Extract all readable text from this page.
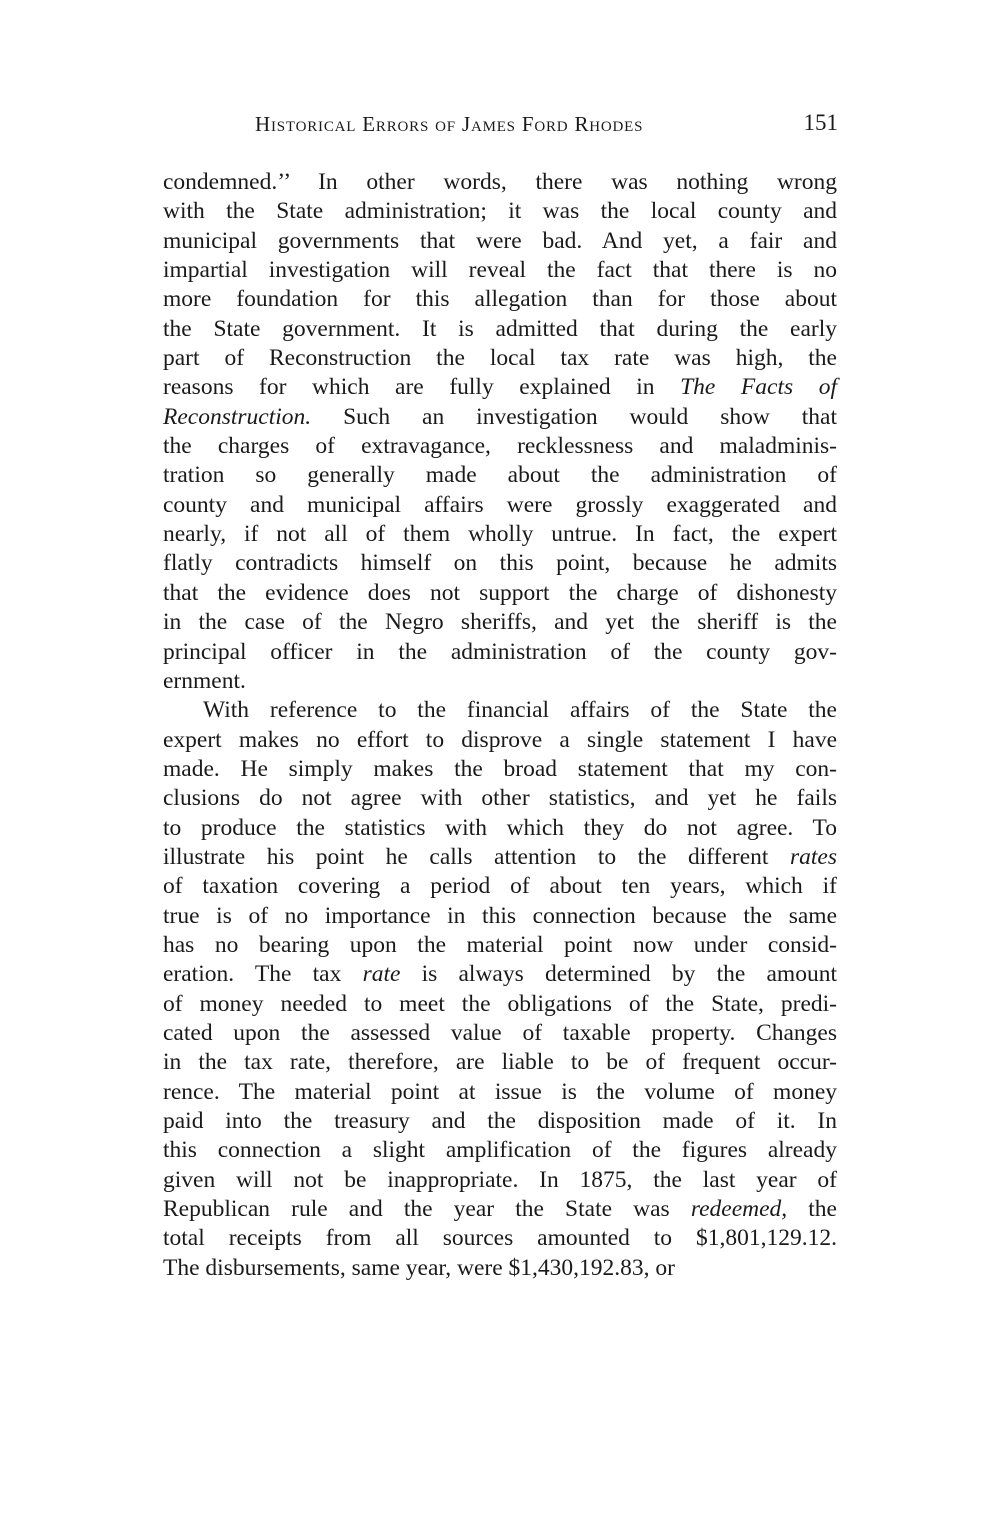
Historical Errors of James Ford Rhodes	151
condemned.’’ In other words, there was nothing wrong
with the State administration; it was the local county and
municipal governments that were bad. And yet, a fair and
impartial investigation will reveal the fact that there is no
more foundation for this allegation than for those about
the State government. It is admitted that during the early
part of Reconstruction the local tax rate was high, the
reasons for which are fully explained in The Facts of
Reconstruction. Such an investigation would show that
the charges of extravagance, recklessness and maladminis-
tration so generally made about the administration of
county and municipal affairs were grossly exaggerated and
nearly, if not all of them wholly untrue. In fact, the expert
flatly contradicts himself on this point, because he admits
that the evidence does not support the charge of dishonesty
in the case of the Negro sheriffs, and yet the sheriff is the
principal officer in the administration of the county gov-
ernment.
With reference to the financial affairs of the State the
expert makes no effort to disprove a single statement I have
made. He simply makes the broad statement that my con-
clusions do not agree with other statistics, and yet he fails
to produce the statistics with which they do not agree. To
illustrate his point he calls attention to the different rates
of taxation covering a period of about ten years, which if
true is of no importance in this connection because the same
has no bearing upon the material point now under consid-
eration. The tax rate is always determined by the amount
of money needed to meet the obligations of the State, predi-
cated upon the assessed value of taxable property. Changes
in the tax rate, therefore, are liable to be of frequent occur-
rence. The material point at issue is the volume of money
paid into the treasury and the disposition made of it. In
this connection a slight amplification of the figures already
given will not be inappropriate. In 1875, the last year of
Republican rule and the year the State was redeemed, the
total receipts from all sources amounted to $1,801,129.12.
The disbursements, same year, were $1,430,192.83, or
